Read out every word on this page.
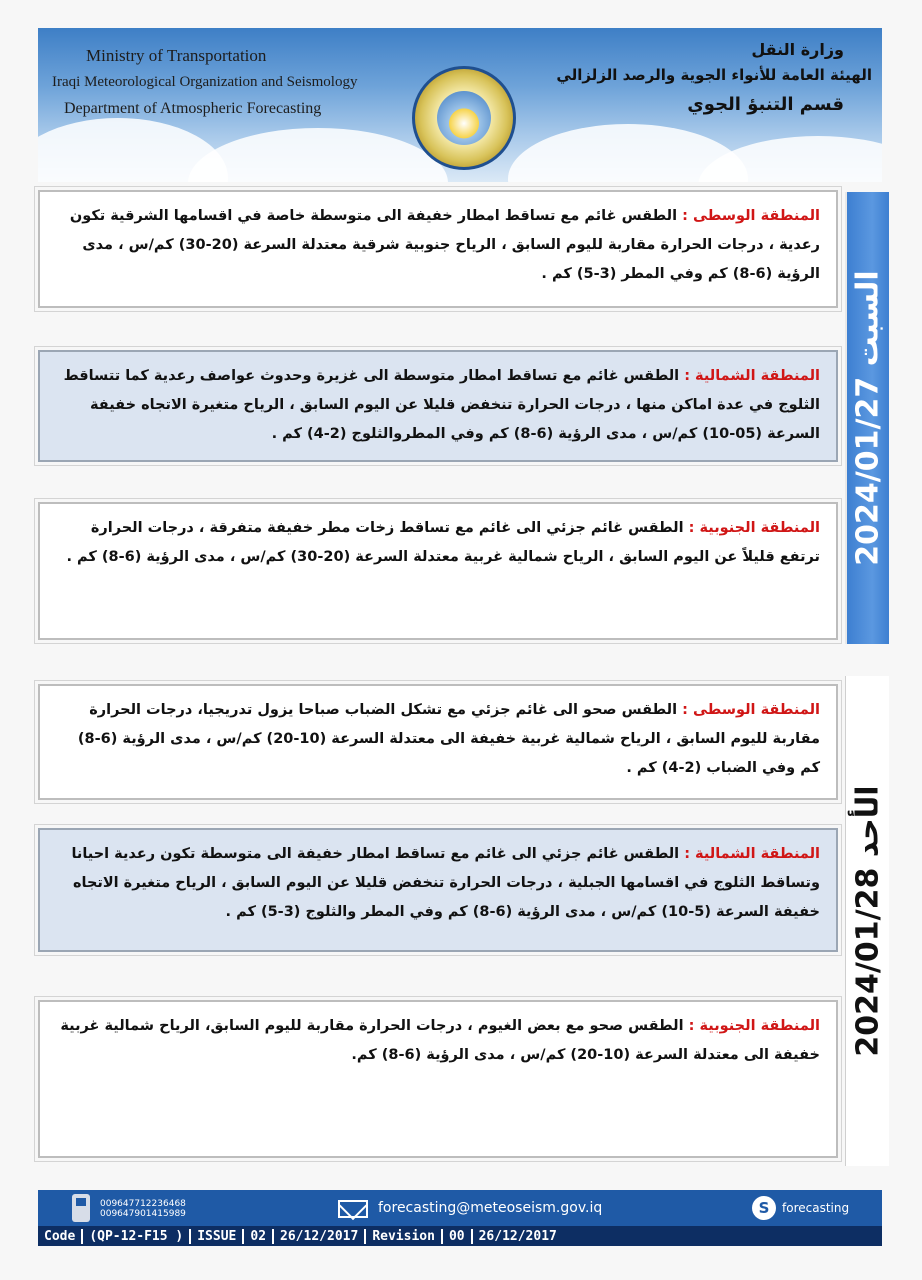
Ministry of Transportation
Iraqi Meteorological Organization and Seismology
Department of Atmospheric Forecasting
وزارة النقل
الهيئة العامة للأنواء الجوية والرصد الزلزالي
قسم التنبؤ الجوي
السبت 2024/01/27
المنطقة الوسطى : الطقس غائم مع تساقط امطار خفيفة الى متوسطة خاصة في اقسامها الشرقية تكون رعدية ، درجات الحرارة مقاربة لليوم السابق ، الرياح جنوبية شرقية معتدلة السرعة (20-30) كم/س ، مدى الرؤية (6-8) كم وفي المطر (3-5) كم .
المنطقة الشمالية : الطقس غائم مع تساقط امطار متوسطة الى غزيرة وحدوث عواصف رعدية كما تتساقط الثلوج في عدة اماكن منها ، درجات الحرارة تنخفض قليلا عن اليوم السابق ، الرياح متغيرة الاتجاه خفيفة السرعة (05-10) كم/س ، مدى الرؤية (6-8) كم وفي المطروالثلوج (2-4) كم .
المنطقة الجنوبية : الطقس غائم جزئي الى غائم مع تساقط زخات مطر خفيفة متفرقة ، درجات الحرارة ترتفع قليلاً عن اليوم السابق ، الرياح شمالية غربية معتدلة السرعة (20-30) كم/س ، مدى الرؤية (6-8) كم .
الأحد 2024/01/28
المنطقة الوسطى : الطقس صحو الى غائم جزئي مع تشكل الضباب صباحا يزول تدريجيا، درجات الحرارة مقاربة لليوم السابق ، الرياح شمالية غربية خفيفة الى معتدلة السرعة (10-20) كم/س ، مدى الرؤية (6-8) كم وفي الضباب (2-4) كم .
المنطقة الشمالية : الطقس غائم جزئي الى غائم مع تساقط امطار خفيفة الى متوسطة تكون رعدية احيانا وتساقط الثلوج في اقسامها الجبلية ، درجات الحرارة تنخفض قليلا عن اليوم السابق ، الرياح متغيرة الاتجاه خفيفة السرعة (5-10) كم/س ، مدى الرؤية (6-8) كم وفي المطر والثلوج (3-5) كم .
المنطقة الجنوبية : الطقس صحو مع بعض الغيوم ، درجات الحرارة مقاربة لليوم السابق، الرياح شمالية غربية خفيفة الى معتدلة السرعة (10-20) كم/س ، مدى الرؤية (6-8) كم.
009647712236468
009647901415989	forecasting@meteoseism.gov.iq	S	forecasting
Code	(QP-12-F15 )	ISSUE	02	26/12/2017	Revision	00	26/12/2017
